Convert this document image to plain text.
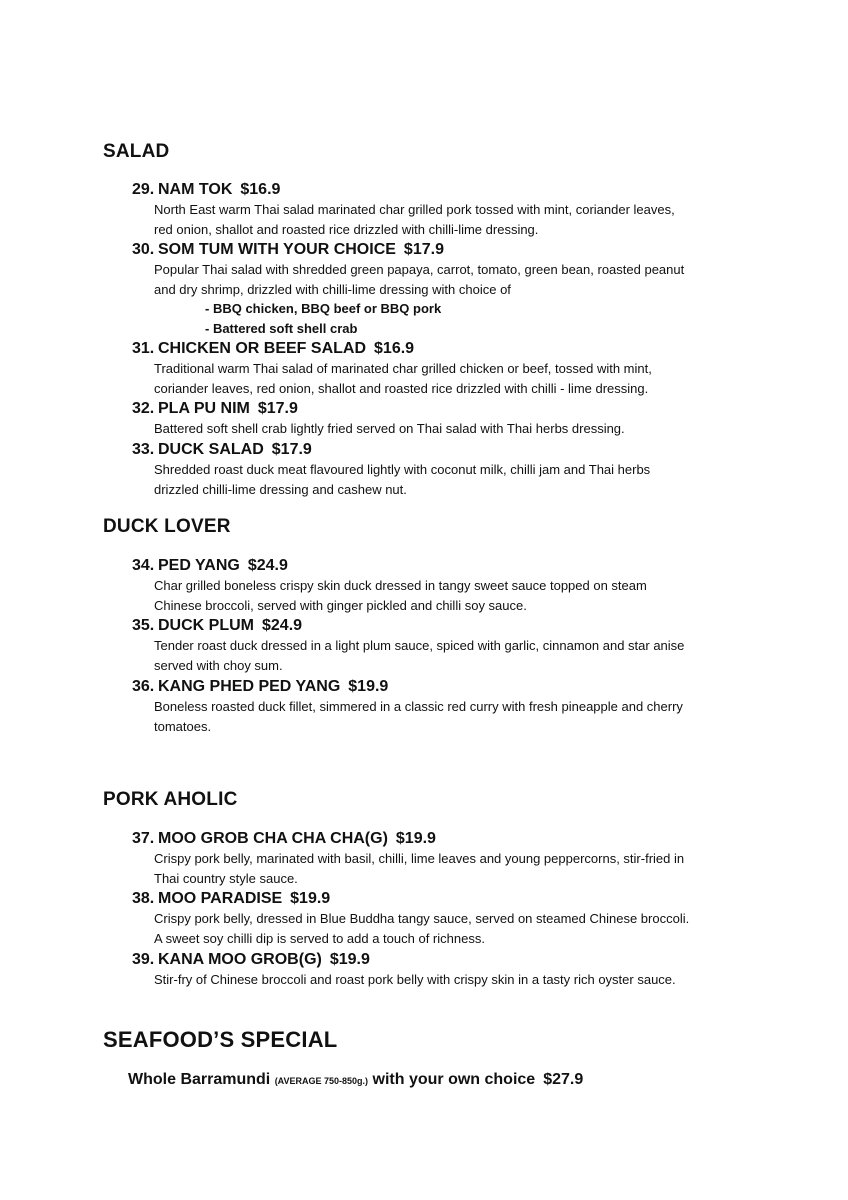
SALAD
29. NAM TOK $16.9
North East warm Thai salad marinated char grilled pork tossed with mint, coriander leaves,
red onion, shallot and roasted rice drizzled with chilli-lime dressing.
30. SOM TUM WITH YOUR CHOICE $17.9
Popular Thai salad with shredded green papaya, carrot, tomato, green bean, roasted peanut
and dry shrimp, drizzled with chilli-lime dressing with choice of
- BBQ chicken, BBQ beef or BBQ pork
- Battered soft shell crab
31. CHICKEN OR BEEF SALAD $16.9
Traditional warm Thai salad of marinated char grilled chicken or beef, tossed with mint,
coriander leaves, red onion, shallot and roasted rice drizzled with chilli - lime dressing.
32. PLA PU NIM $17.9
Battered soft shell crab lightly fried served on Thai salad with Thai herbs dressing.
33. DUCK SALAD $17.9
Shredded roast duck meat flavoured lightly with coconut milk, chilli jam and Thai herbs
drizzled chilli-lime dressing and cashew nut.
DUCK LOVER
34. PED YANG $24.9
Char grilled boneless crispy skin duck dressed in tangy sweet sauce topped on steam
Chinese broccoli, served with ginger pickled and chilli soy sauce.
35. DUCK PLUM $24.9
Tender roast duck dressed in a light plum sauce, spiced with garlic, cinnamon and star anise
served with choy sum.
36. KANG PHED PED YANG $19.9
Boneless roasted duck fillet, simmered in a classic red curry with fresh pineapple and cherry
tomatoes.
PORK AHOLIC
37. MOO GROB CHA CHA CHA(G) $19.9
Crispy pork belly, marinated with basil, chilli, lime leaves and young peppercorns, stir-fried in
Thai country style sauce.
38. MOO PARADISE $19.9
Crispy pork belly, dressed in Blue Buddha tangy sauce, served on steamed Chinese broccoli.
A sweet soy chilli dip is served to add a touch of richness.
39. KANA MOO GROB(G) $19.9
Stir-fry of Chinese broccoli and roast pork belly with crispy skin in a tasty rich oyster sauce.
SEAFOOD’S SPECIAL
Whole Barramundi (AVERAGE 750-850g.) with your own choice $27.9
